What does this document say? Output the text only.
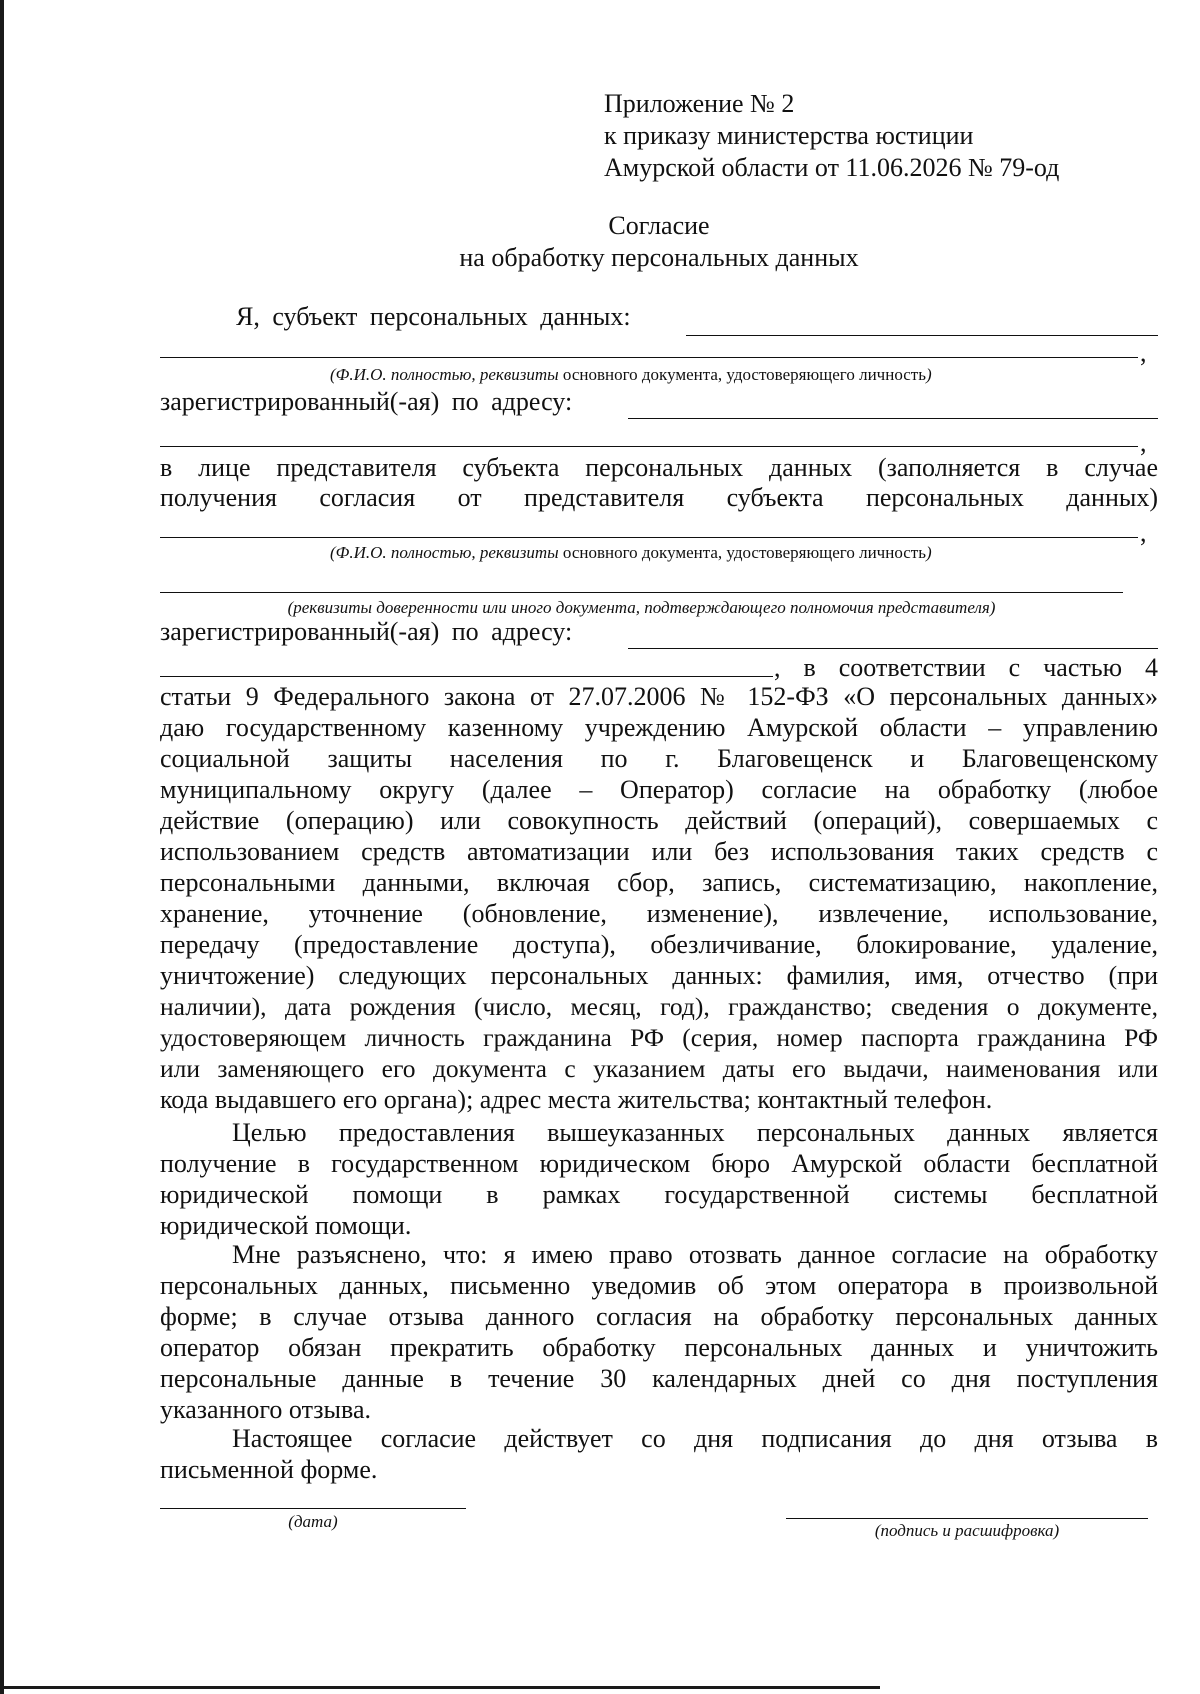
Приложение № 2
к приказу министерства юстиции
Амурской области от 11.06.2026 № 79-од
Согласие
на обработку персональных данных
Я, субъект персональных данных:
,
(Ф.И.О. полностью, реквизиты основного документа, удостоверяющего личность)
зарегистрированный(-ая) по адресу:
,
в лице представителя субъекта персональных данных (заполняется в случае
получения согласия от представителя субъекта персональных данных)
,
(Ф.И.О. полностью, реквизиты основного документа, удостоверяющего личность)
(реквизиты доверенности или иного документа, подтверждающего полномочия представителя)
зарегистрированный(-ая) по адресу:
, в соответствии с частью 4
статьи 9 Федерального закона от 27.07.2006 № 152-ФЗ «О персональных данных»
даю государственному казенному учреждению Амурской области – управлению
социальной защиты населения по г. Благовещенск и Благовещенскому
муниципальному округу (далее – Оператор) согласие на обработку (любое
действие (операцию) или совокупность действий (операций), совершаемых с
использованием средств автоматизации или без использования таких средств с
персональными данными, включая сбор, запись, систематизацию, накопление,
хранение, уточнение (обновление, изменение), извлечение, использование,
передачу (предоставление доступа), обезличивание, блокирование, удаление,
уничтожение) следующих персональных данных: фамилия, имя, отчество (при
наличии), дата рождения (число, месяц, год), гражданство; сведения о документе,
удостоверяющем личность гражданина РФ (серия, номер паспорта гражданина РФ
или заменяющего его документа с указанием даты его выдачи, наименования или
кода выдавшего его органа); адрес места жительства; контактный телефон.
Целью предоставления вышеуказанных персональных данных является
получение в государственном юридическом бюро Амурской области бесплатной
юридической помощи в рамках государственной системы бесплатной
юридической помощи.
Мне разъяснено, что: я имею право отозвать данное согласие на обработку
персональных данных, письменно уведомив об этом оператора в произвольной
форме; в случае отзыва данного согласия на обработку персональных данных
оператор обязан прекратить обработку персональных данных и уничтожить
персональные данные в течение 30 календарных дней со дня поступления
указанного отзыва.
Настоящее согласие действует со дня подписания до дня отзыва в
письменной форме.
(дата)	(подпись и расшифровка)
